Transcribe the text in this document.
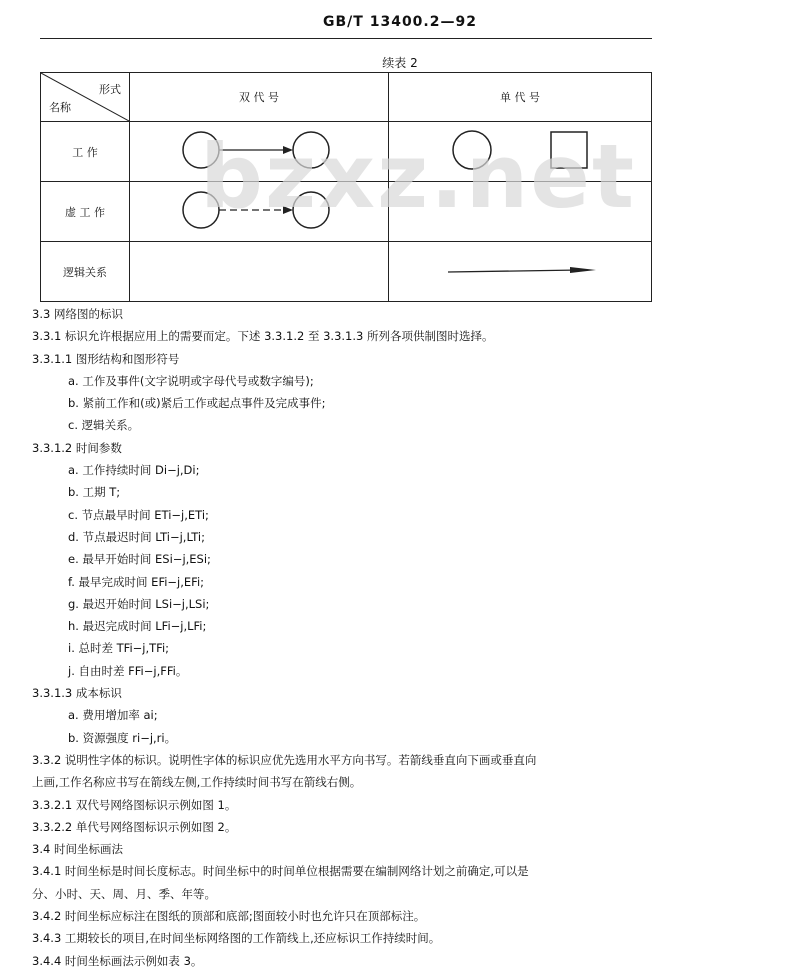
GB/T 13400.2—92
续表 2
形式
名称	双 代 号	单 代 号
工 作		
虚 工 作		
逻辑关系		
bzxz.net
3.3 网络图的标识
3.3.1 标识允许根据应用上的需要而定。下述 3.3.1.2 至 3.3.1.3 所列各项供制图时选择。
3.3.1.1 图形结构和图形符号
a. 工作及事件(文字说明或字母代号或数字编号);
b. 紧前工作和(或)紧后工作或起点事件及完成事件;
c. 逻辑关系。
3.3.1.2 时间参数
a. 工作持续时间 Di−j,Di;
b. 工期 T;
c. 节点最早时间 ETi−j,ETi;
d. 节点最迟时间 LTi−j,LTi;
e. 最早开始时间 ESi−j,ESi;
f. 最早完成时间 EFi−j,EFi;
g. 最迟开始时间 LSi−j,LSi;
h. 最迟完成时间 LFi−j,LFi;
i. 总时差 TFi−j,TFi;
j. 自由时差 FFi−j,FFi。
3.3.1.3 成本标识
a. 费用增加率 ai;
b. 资源强度 ri−j,ri。
3.3.2 说明性字体的标识。说明性字体的标识应优先选用水平方向书写。若箭线垂直向下画或垂直向
上画,工作名称应书写在箭线左侧,工作持续时间书写在箭线右侧。
3.3.2.1 双代号网络图标识示例如图 1。
3.3.2.2 单代号网络图标识示例如图 2。
3.4 时间坐标画法
3.4.1 时间坐标是时间长度标志。时间坐标中的时间单位根据需要在编制网络计划之前确定,可以是
分、小时、天、周、月、季、年等。
3.4.2 时间坐标应标注在图纸的顶部和底部;图面较小时也允许只在顶部标注。
3.4.3 工期较长的项目,在时间坐标网络图的工作箭线上,还应标识工作持续时间。
3.4.4 时间坐标画法示例如表 3。
